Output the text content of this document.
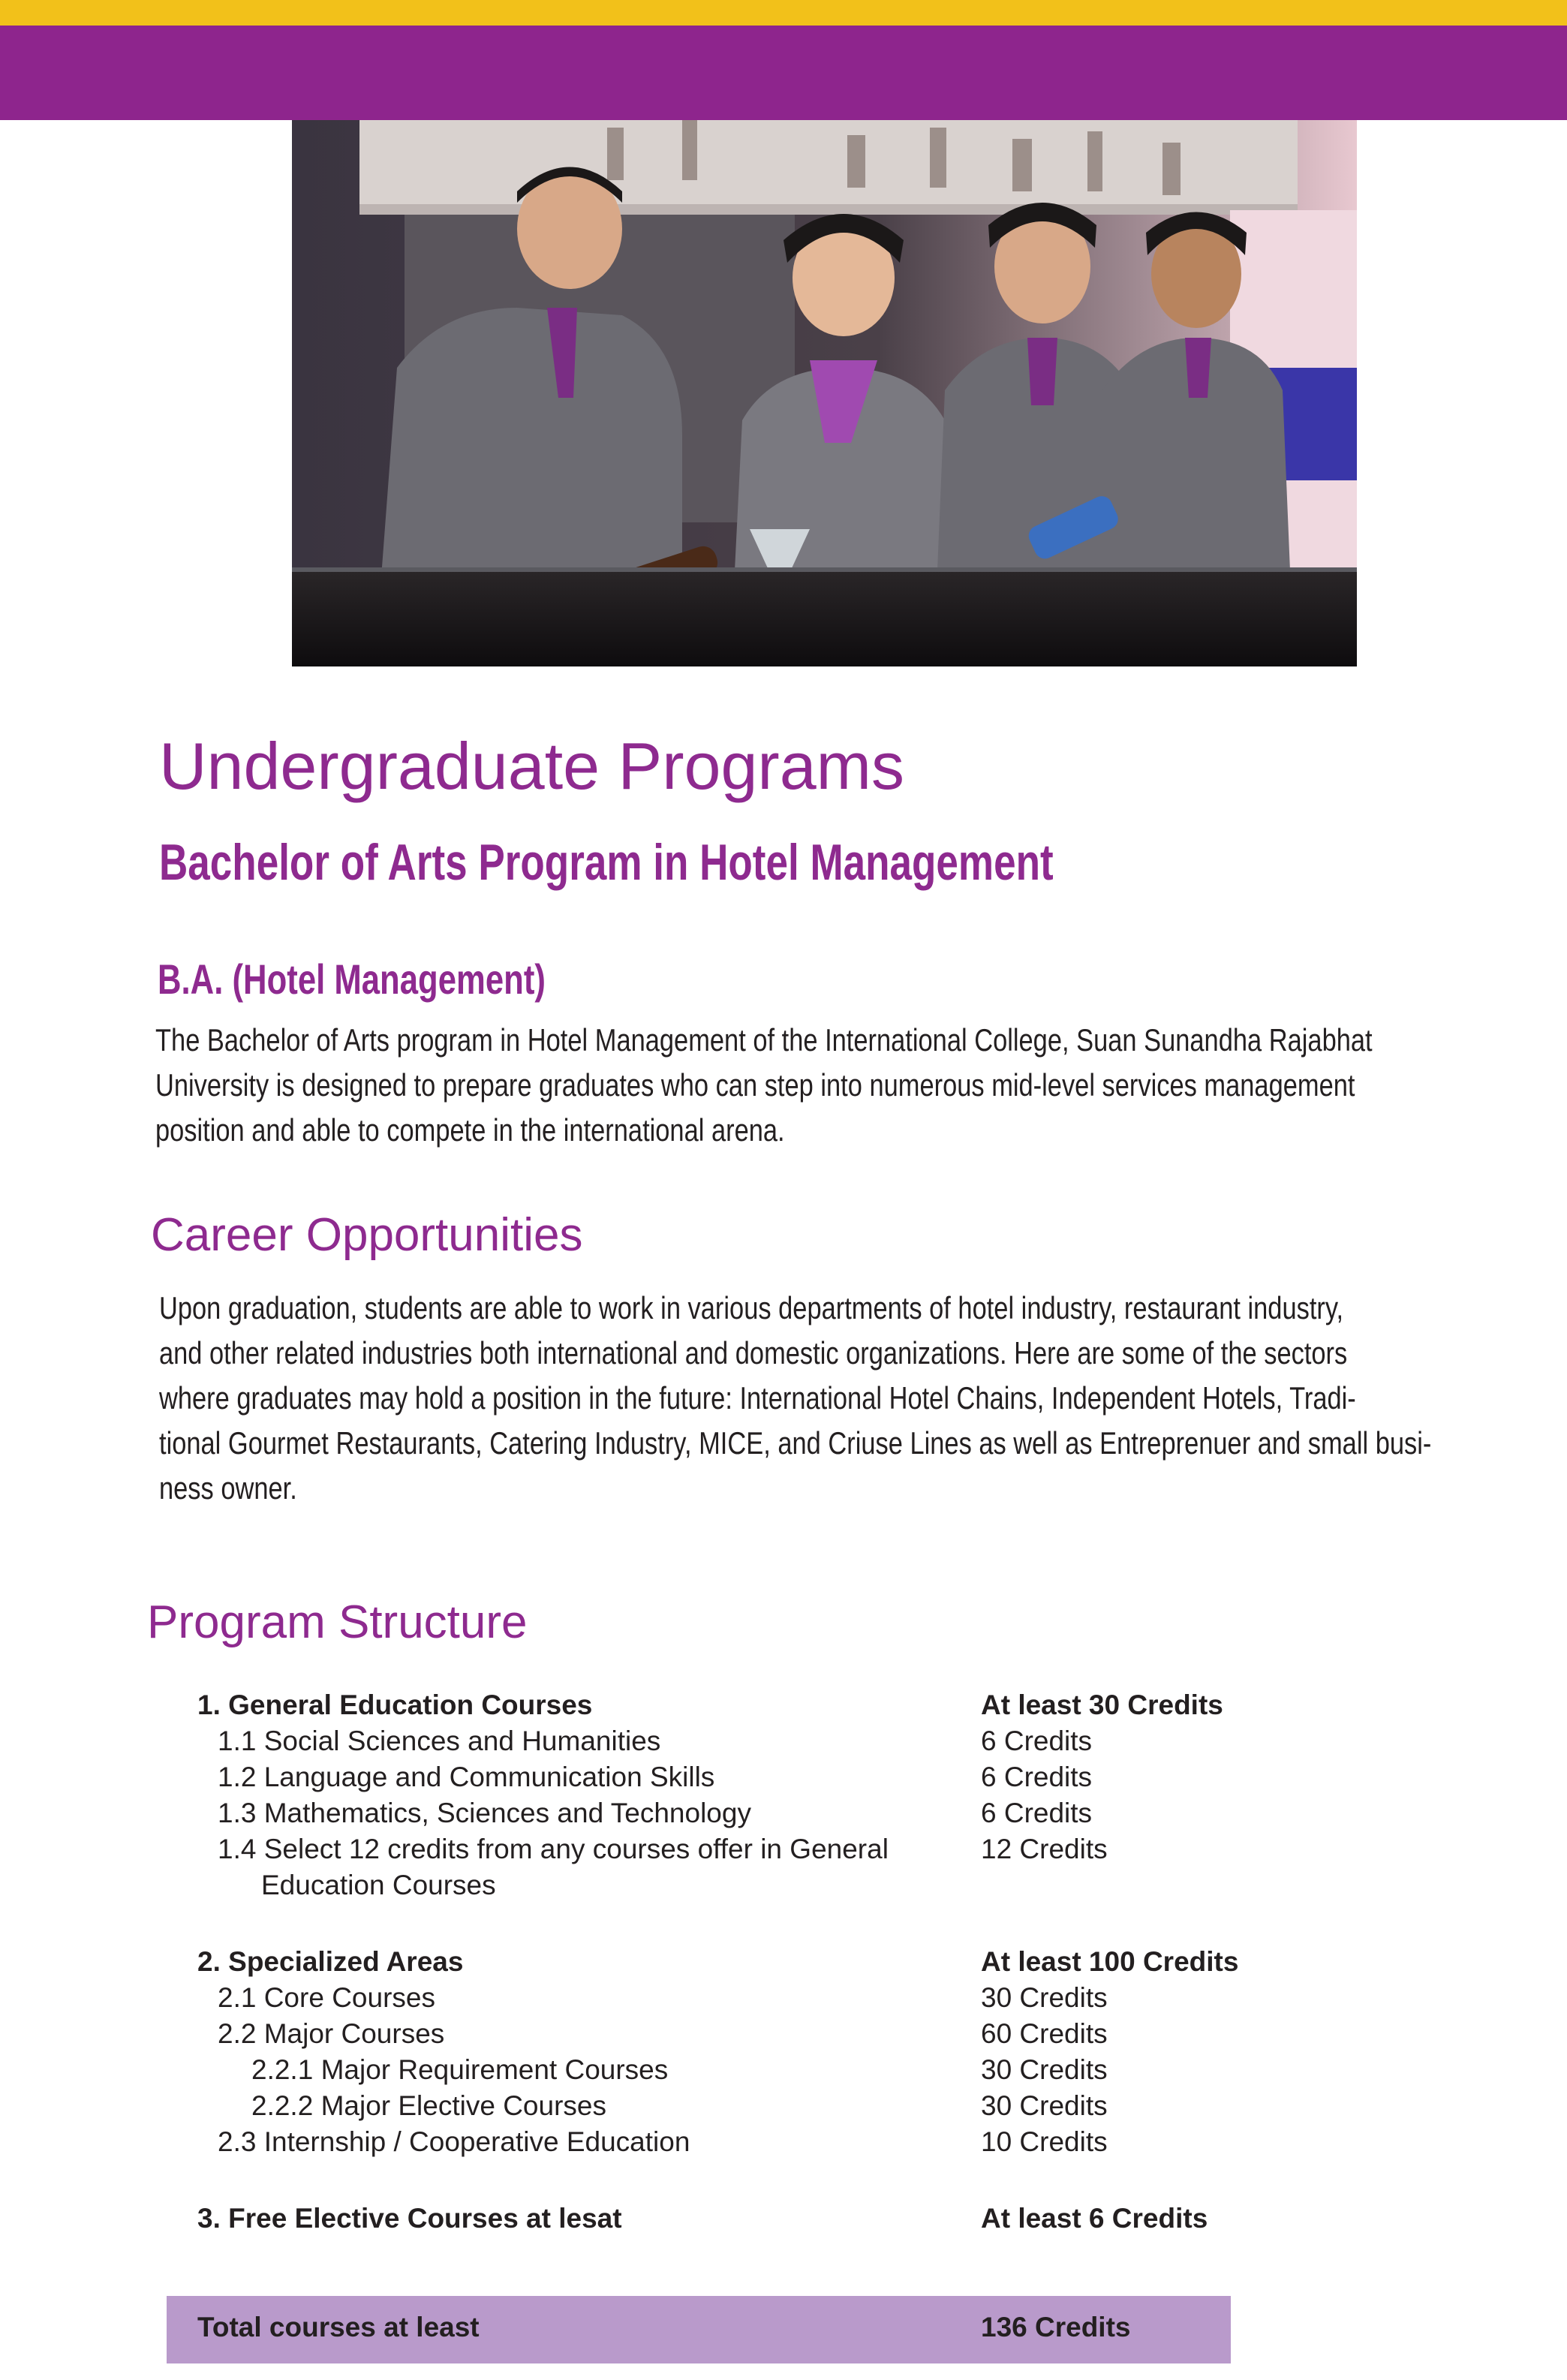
Undergraduate Programs
Bachelor of Arts Program in Hotel Management
B.A. (Hotel Management)
The Bachelor of Arts program in Hotel Management of the International College, Suan Sunandha Rajabhat
University is designed to prepare graduates who can step into numerous mid-level services management
position and able to compete in the international arena.
Career Opportunities
Upon graduation, students are able to work in various departments of hotel industry, restaurant industry,
and other related industries both international and domestic organizations. Here are some of the sectors
where graduates may hold a position in the future: International Hotel Chains, Independent Hotels, Tradi-
tional Gourmet Restaurants, Catering Industry, MICE, and Criuse Lines as well as Entreprenuer and small busi-
ness owner.
Program Structure
1. General Education Courses	At least 30 Credits
1.1 Social Sciences and Humanities	6 Credits
1.2 Language and Communication Skills	6 Credits
1.3 Mathematics, Sciences and Technology	6 Credits
1.4 Select 12 credits from any courses offer in General	12 Credits
Education Courses
2. Specialized Areas	At least 100 Credits
2.1 Core Courses	30 Credits
2.2 Major Courses	60 Credits
2.2.1 Major Requirement Courses	30 Credits
2.2.2 Major Elective Courses	30 Credits
2.3 Internship / Cooperative Education	10 Credits
3. Free Elective Courses at lesat	At least 6 Credits
Total courses at least	136 Credits
